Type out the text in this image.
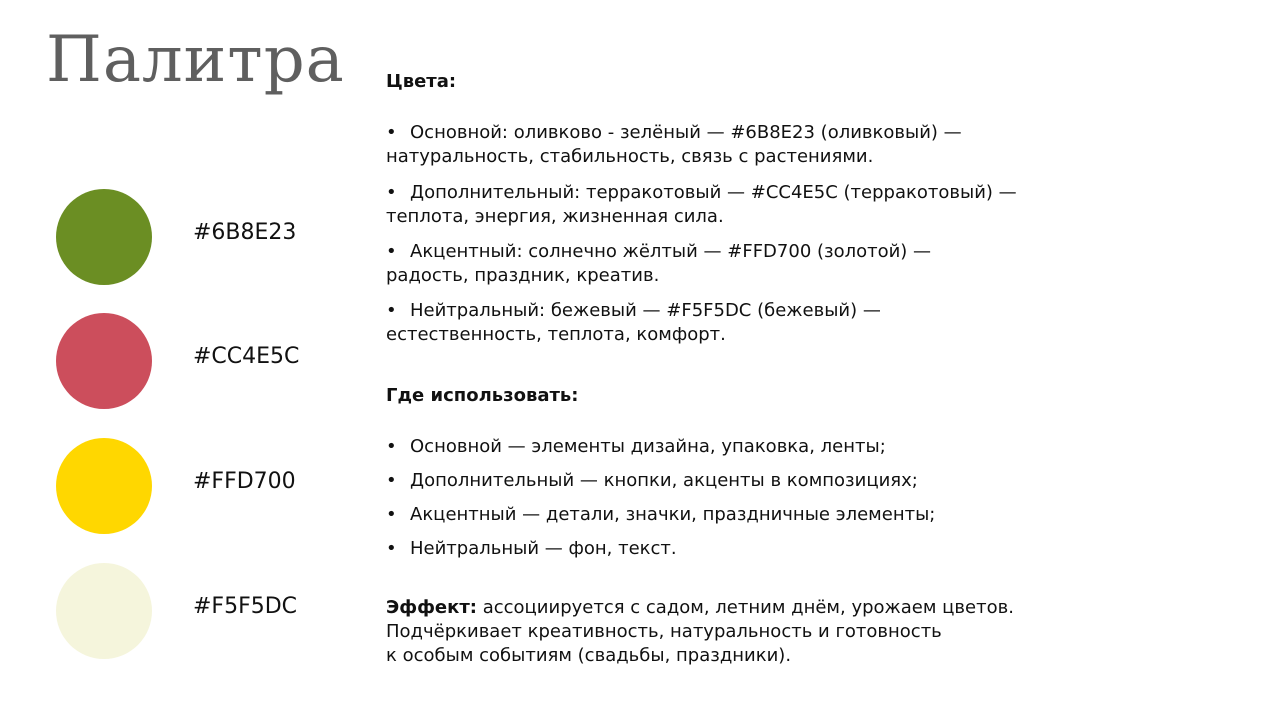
Палитра
#6B8E23
#CC4E5C
#FFD700
#F5F5DC
Цвета:
• Основной: оливково - зелёный — #6B8E23 (оливковый) —
натуральность, стабильность, связь с растениями.
• Дополнительный: терракотовый — #CC4E5C (терракотовый) —
теплота, энергия, жизненная сила.
• Акцентный: солнечно жёлтый — #FFD700 (золотой) —
радость, праздник, креатив.
• Нейтральный: бежевый — #F5F5DC (бежевый) —
естественность, теплота, комфорт.
Где использовать:
• Основной — элементы дизайна, упаковка, ленты;
• Дополнительный — кнопки, акценты в композициях;
• Акцентный — детали, значки, праздничные элементы;
• Нейтральный — фон, текст.
Эффект: ассоциируется с садом, летним днём, урожаем цветов.
Подчёркивает креативность, натуральность и готовность
к особым событиям (свадьбы, праздники).
